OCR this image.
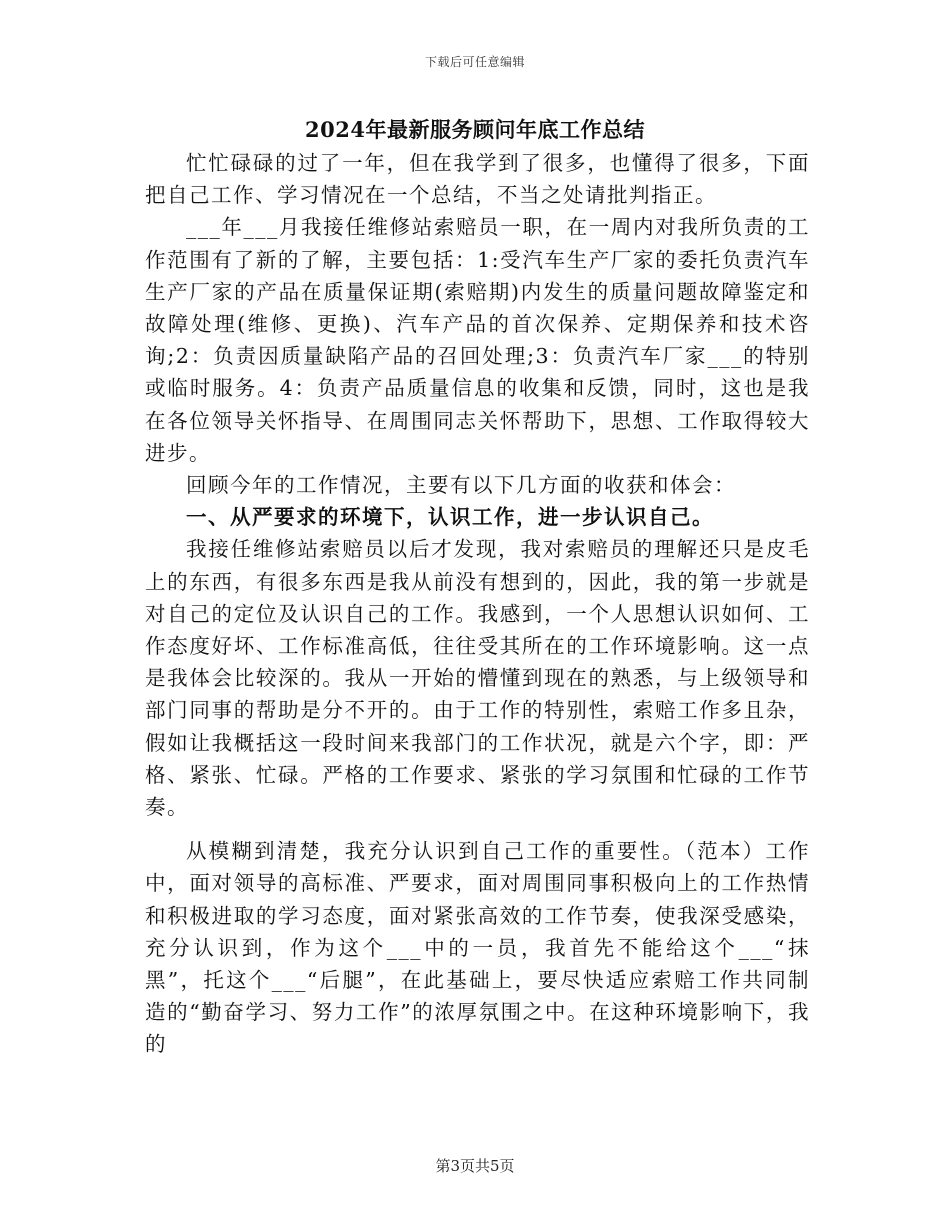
下载后可任意编辑
2024年最新服务顾问年底工作总结

忙忙碌碌的过了一年，但在我学到了很多，也懂得了很多，下面把自己工作、学习情况在一个总结，不当之处请批判指正。

___年___月我接任维修站索赔员一职，在一周内对我所负责的工作范围有了新的了解，主要包括：1:受汽车生产厂家的委托负责汽车生产厂家的产品在质量保证期(索赔期)内发生的质量问题故障鉴定和故障处理(维修、更换)、汽车产品的首次保养、定期保养和技术咨询;2：负责因质量缺陷产品的召回处理;3：负责汽车厂家___的特别或临时服务。4：负责产品质量信息的收集和反馈，同时，这也是我在各位领导关怀指导、在周围同志关怀帮助下，思想、工作取得较大进步。

回顾今年的工作情况，主要有以下几方面的收获和体会：

一、从严要求的环境下，认识工作，进一步认识自己。

我接任维修站索赔员以后才发现，我对索赔员的理解还只是皮毛上的东西，有很多东西是我从前没有想到的，因此，我的第一步就是对自己的定位及认识自己的工作。我感到，一个人思想认识如何、工作态度好坏、工作标准高低，往往受其所在的工作环境影响。这一点是我体会比较深的。我从一开始的懵懂到现在的熟悉，与上级领导和部门同事的帮助是分不开的。由于工作的特别性，索赔工作多且杂，假如让我概括这一段时间来我部门的工作状况，就是六个字，即：严格、紧张、忙碌。严格的工作要求、紧张的学习氛围和忙碌的工作节奏。

从模糊到清楚，我充分认识到自己工作的重要性。（范本）工作中，面对领导的高标准、严要求，面对周围同事积极向上的工作热情和积极进取的学习态度，面对紧张高效的工作节奏，使我深受感染，充分认识到，作为这个___中的一员，我首先不能给这个___“抹黑”，托这个___“后腿”，在此基础上，要尽快适应索赔工作共同制造的“勤奋学习、努力工作”的浓厚氛围之中。在这种环境影响下，我的

第3页共5页
